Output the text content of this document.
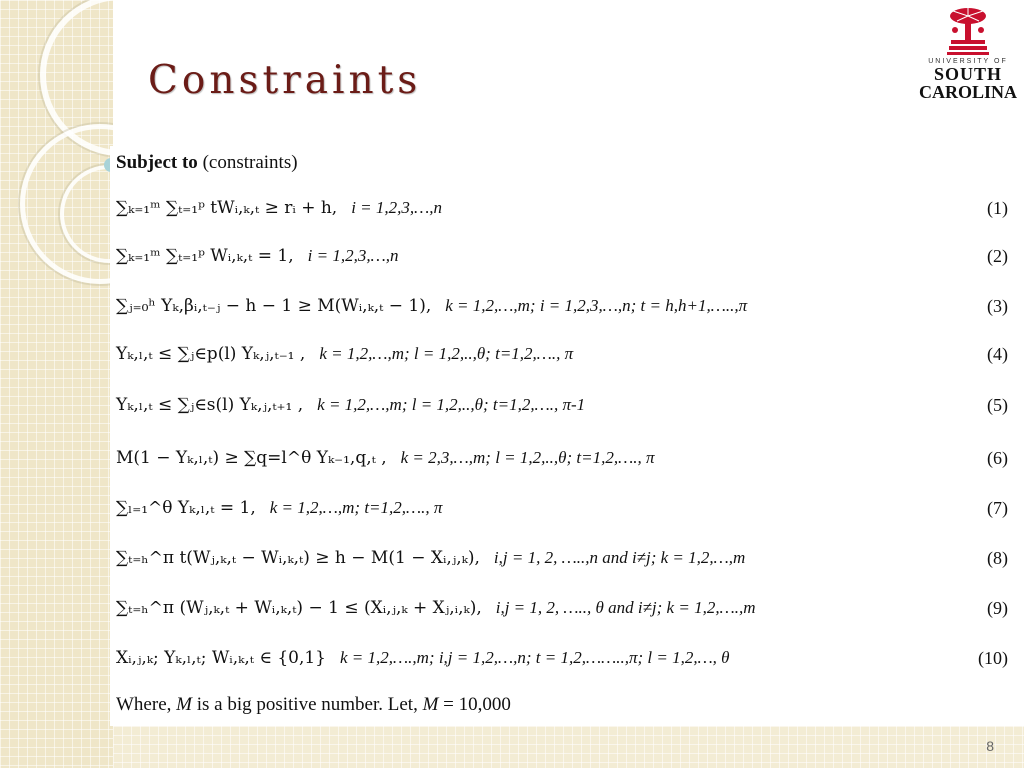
Constraints	UNIVERSITY OF
SOUTH
CAROLINA
Subject to (constraints)
∑ₖ₌₁ᵐ ∑ₜ₌₁ᵖ tWᵢ,ₖ,ₜ ≥ rᵢ + h, i = 1,2,3,…,n	(1)
∑ₖ₌₁ᵐ ∑ₜ₌₁ᵖ Wᵢ,ₖ,ₜ = 1, i = 1,2,3,…,n	(2)
∑ⱼ₌₀ʰ Yₖ,βᵢ,ₜ₋ⱼ − h − 1 ≥ M(Wᵢ,ₖ,ₜ − 1), k = 1,2,…,m; i = 1,2,3,…,n; t = h,h+1,…..,π	(3)
Yₖ,ₗ,ₜ ≤ ∑ⱼ∈p(l) Yₖ,ⱼ,ₜ₋₁ , k = 1,2,…,m; l = 1,2,..,θ; t=1,2,…., π	(4)
Yₖ,ₗ,ₜ ≤ ∑ⱼ∈s(l) Yₖ,ⱼ,ₜ₊₁ , k = 1,2,…,m; l = 1,2,..,θ; t=1,2,…., π-1	(5)
M(1 − Yₖ,ₗ,ₜ) ≥ ∑q=l^θ Yₖ₋₁,q,ₜ , k = 2,3,…,m; l = 1,2,..,θ; t=1,2,…., π	(6)
∑ₗ₌₁^θ Yₖ,ₗ,ₜ = 1, k = 1,2,…,m; t=1,2,…., π	(7)
∑ₜ₌ₕ^π t(Wⱼ,ₖ,ₜ − Wᵢ,ₖ,ₜ) ≥ h − M(1 − Xᵢ,ⱼ,ₖ), i,j = 1, 2, …..,n and i≠j; k = 1,2,…,m	(8)
∑ₜ₌ₕ^π (Wⱼ,ₖ,ₜ + Wᵢ,ₖ,ₜ) − 1 ≤ (Xᵢ,ⱼ,ₖ + Xⱼ,ᵢ,ₖ), i,j = 1, 2, ….., θ and i≠j; k = 1,2,….,m	(9)
Xᵢ,ⱼ,ₖ; Yₖ,ₗ,ₜ; Wᵢ,ₖ,ₜ ∈ {0,1} k = 1,2,….,m; i,j = 1,2,…,n; t = 1,2,……..,π; l = 1,2,…, θ	(10)
Where, M is a big positive number. Let, M = 10,000
8
